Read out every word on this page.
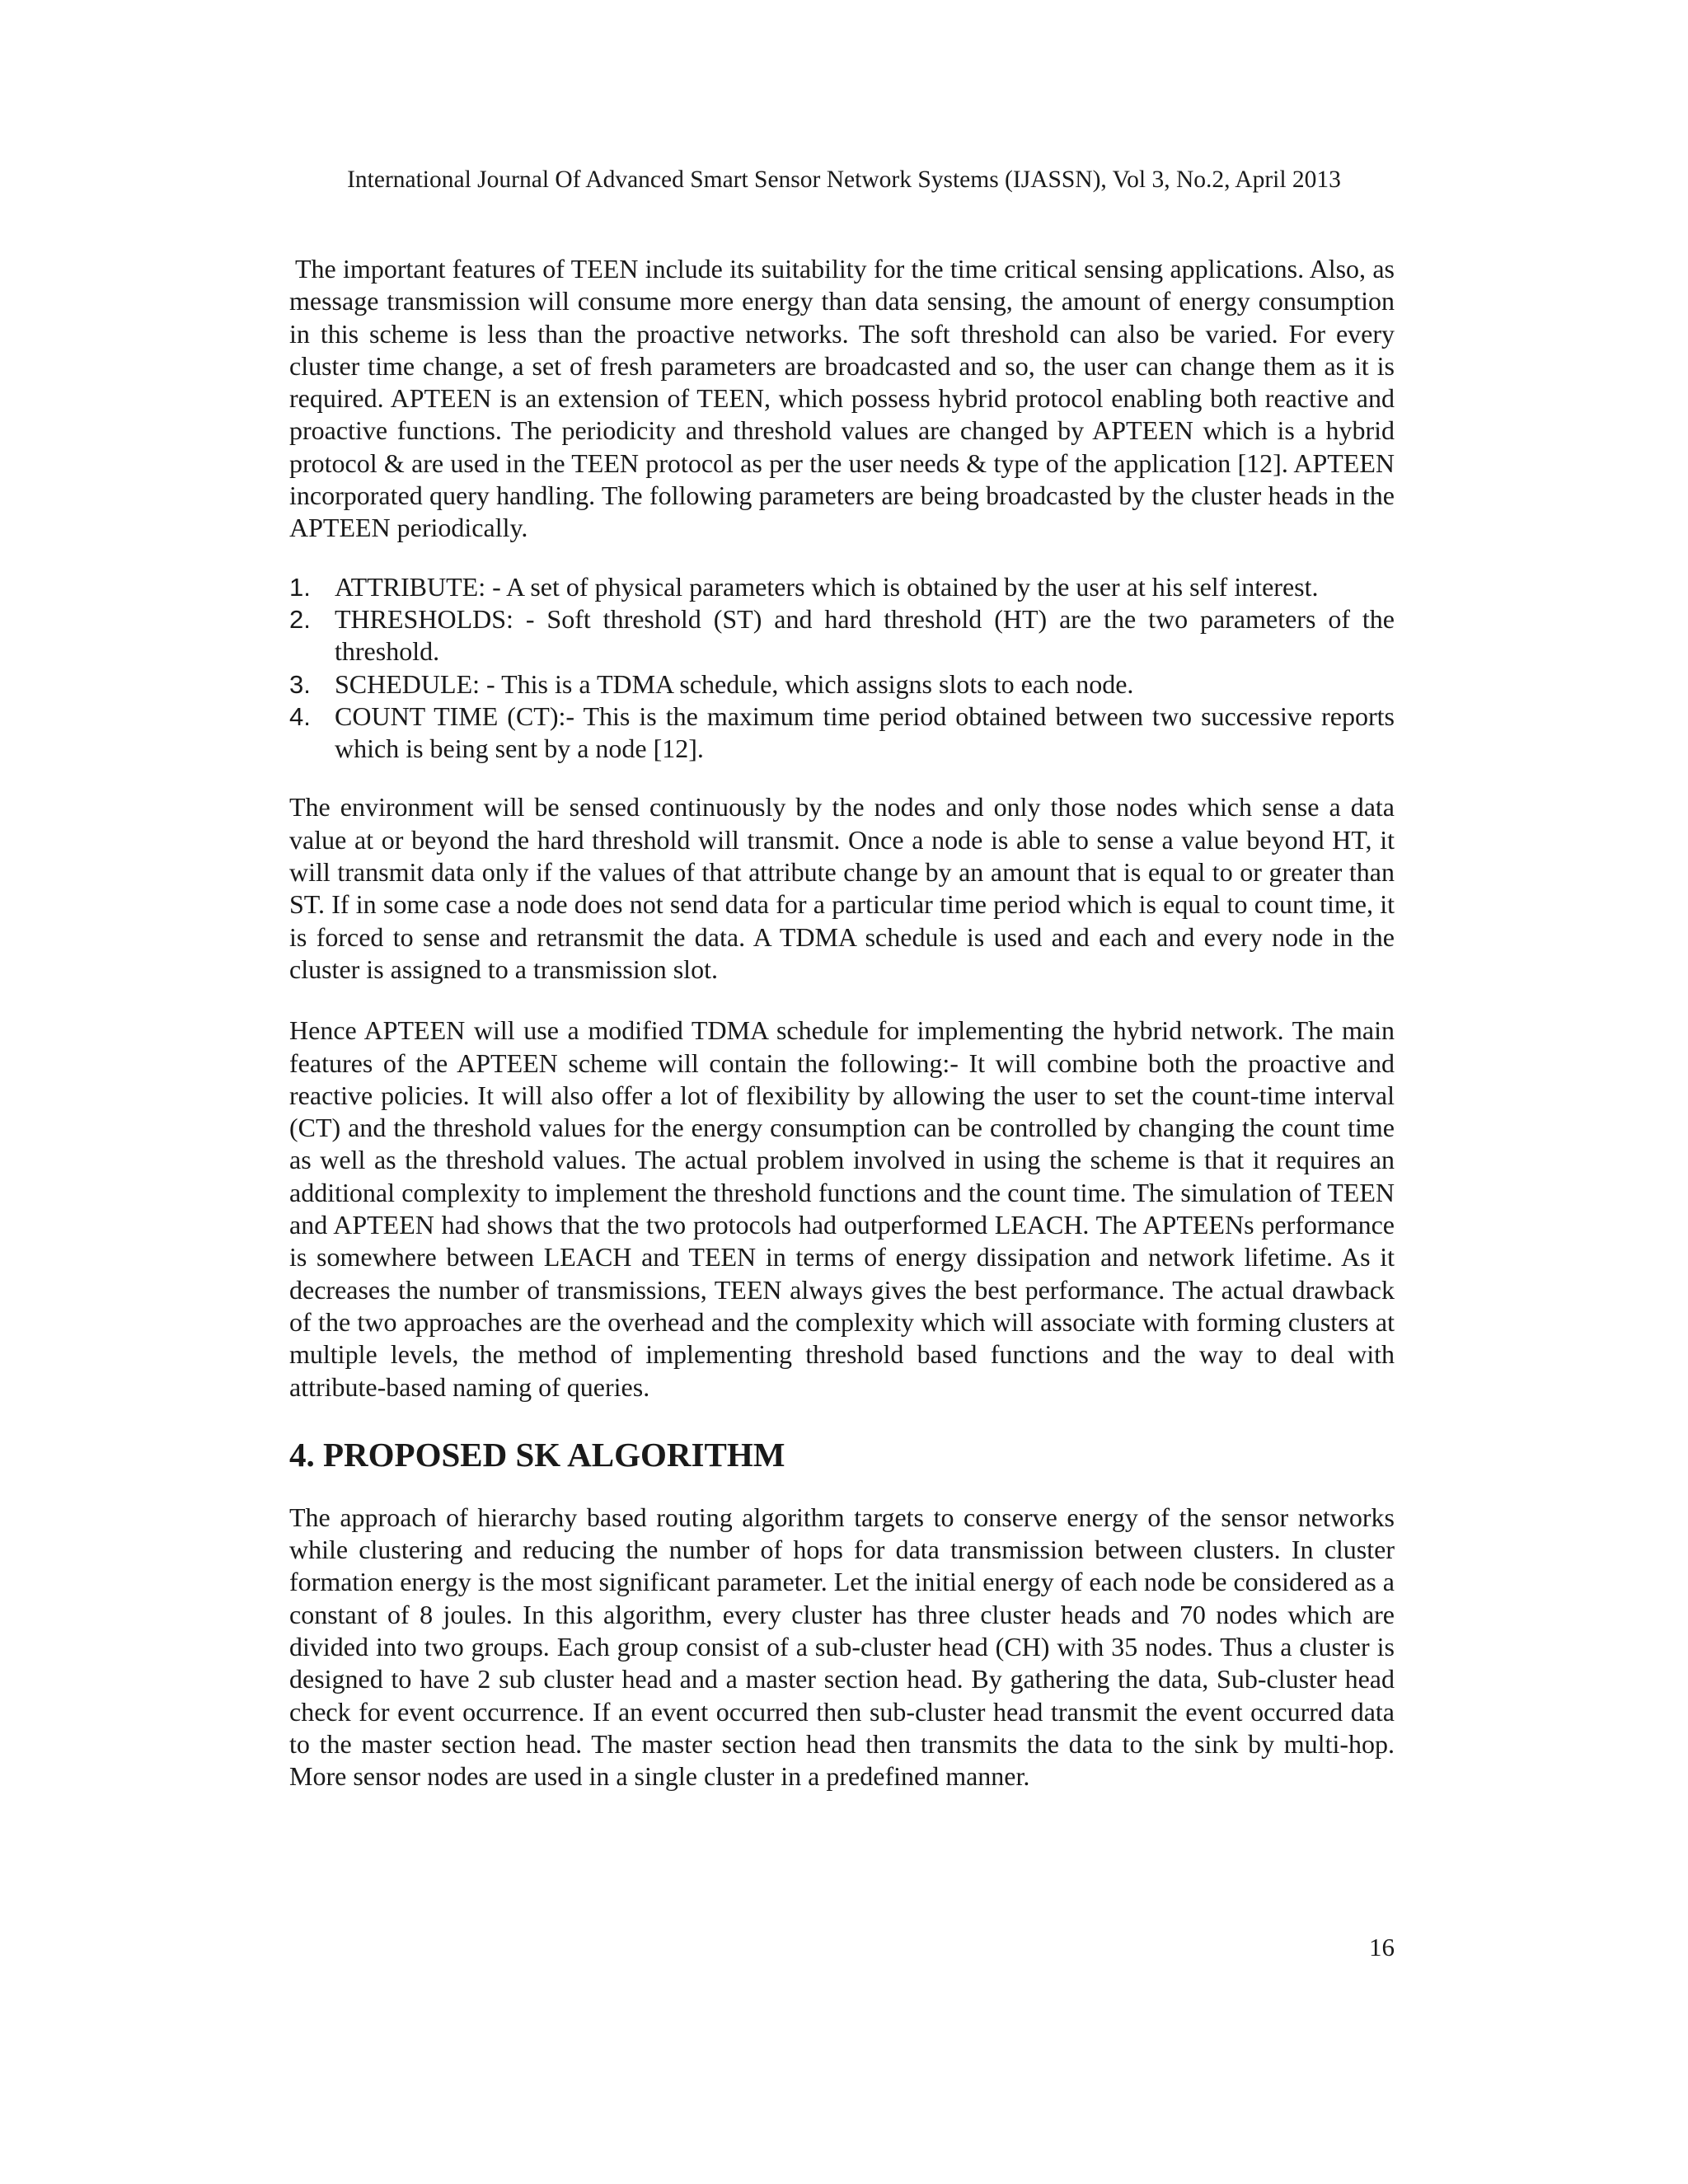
International Journal Of Advanced Smart Sensor Network Systems (IJASSN), Vol 3, No.2, April 2013

The important features of TEEN include its suitability for the time critical sensing applications. Also, as message transmission will consume more energy than data sensing, the amount of energy consumption in this scheme is less than the proactive networks. The soft threshold can also be varied. For every cluster time change, a set of fresh parameters are broadcasted and so, the user can change them as it is required. APTEEN is an extension of TEEN, which possess hybrid protocol enabling both reactive and proactive functions. The periodicity and threshold values are changed by APTEEN which is a hybrid protocol & are used in the TEEN protocol as per the user needs & type of the application [12]. APTEEN incorporated query handling. The following parameters are being broadcasted by the cluster heads in the APTEEN periodically.

1. ATTRIBUTE: - A set of physical parameters which is obtained by the user at his self interest.
2. THRESHOLDS: - Soft threshold (ST) and hard threshold (HT) are the two parameters of the threshold.
3. SCHEDULE: - This is a TDMA schedule, which assigns slots to each node.
4. COUNT TIME (CT):- This is the maximum time period obtained between two successive reports which is being sent by a node [12].

The environment will be sensed continuously by the nodes and only those nodes which sense a data value at or beyond the hard threshold will transmit. Once a node is able to sense a value beyond HT, it will transmit data only if the values of that attribute change by an amount that is equal to or greater than ST. If in some case a node does not send data for a particular time period which is equal to count time, it is forced to sense and retransmit the data. A TDMA schedule is used and each and every node in the cluster is assigned to a transmission slot.

Hence APTEEN will use a modified TDMA schedule for implementing the hybrid network. The main features of the APTEEN scheme will contain the following:- It will combine both the proactive and reactive policies. It will also offer a lot of flexibility by allowing the user to set the count-time interval (CT) and the threshold values for the energy consumption can be controlled by changing the count time as well as the threshold values. The actual problem involved in using the scheme is that it requires an additional complexity to implement the threshold functions and the count time. The simulation of TEEN and APTEEN had shows that the two protocols had outperformed LEACH. The APTEENs performance is somewhere between LEACH and TEEN in terms of energy dissipation and network lifetime. As it decreases the number of transmissions, TEEN always gives the best performance. The actual drawback of the two approaches are the overhead and the complexity which will associate with forming clusters at multiple levels, the method of implementing threshold based functions and the way to deal with attribute-based naming of queries.

4. PROPOSED SK ALGORITHM

The approach of hierarchy based routing algorithm targets to conserve energy of the sensor networks while clustering and reducing the number of hops for data transmission between clusters. In cluster formation energy is the most significant parameter. Let the initial energy of each node be considered as a constant of 8 joules. In this algorithm, every cluster has three cluster heads and 70 nodes which are divided into two groups. Each group consist of a sub-cluster head (CH) with 35 nodes. Thus a cluster is designed to have 2 sub cluster head and a master section head. By gathering the data, Sub-cluster head check for event occurrence. If an event occurred then sub-cluster head transmit the event occurred data to the master section head. The master section head then transmits the data to the sink by multi-hop. More sensor nodes are used in a single cluster in a predefined manner.

16
